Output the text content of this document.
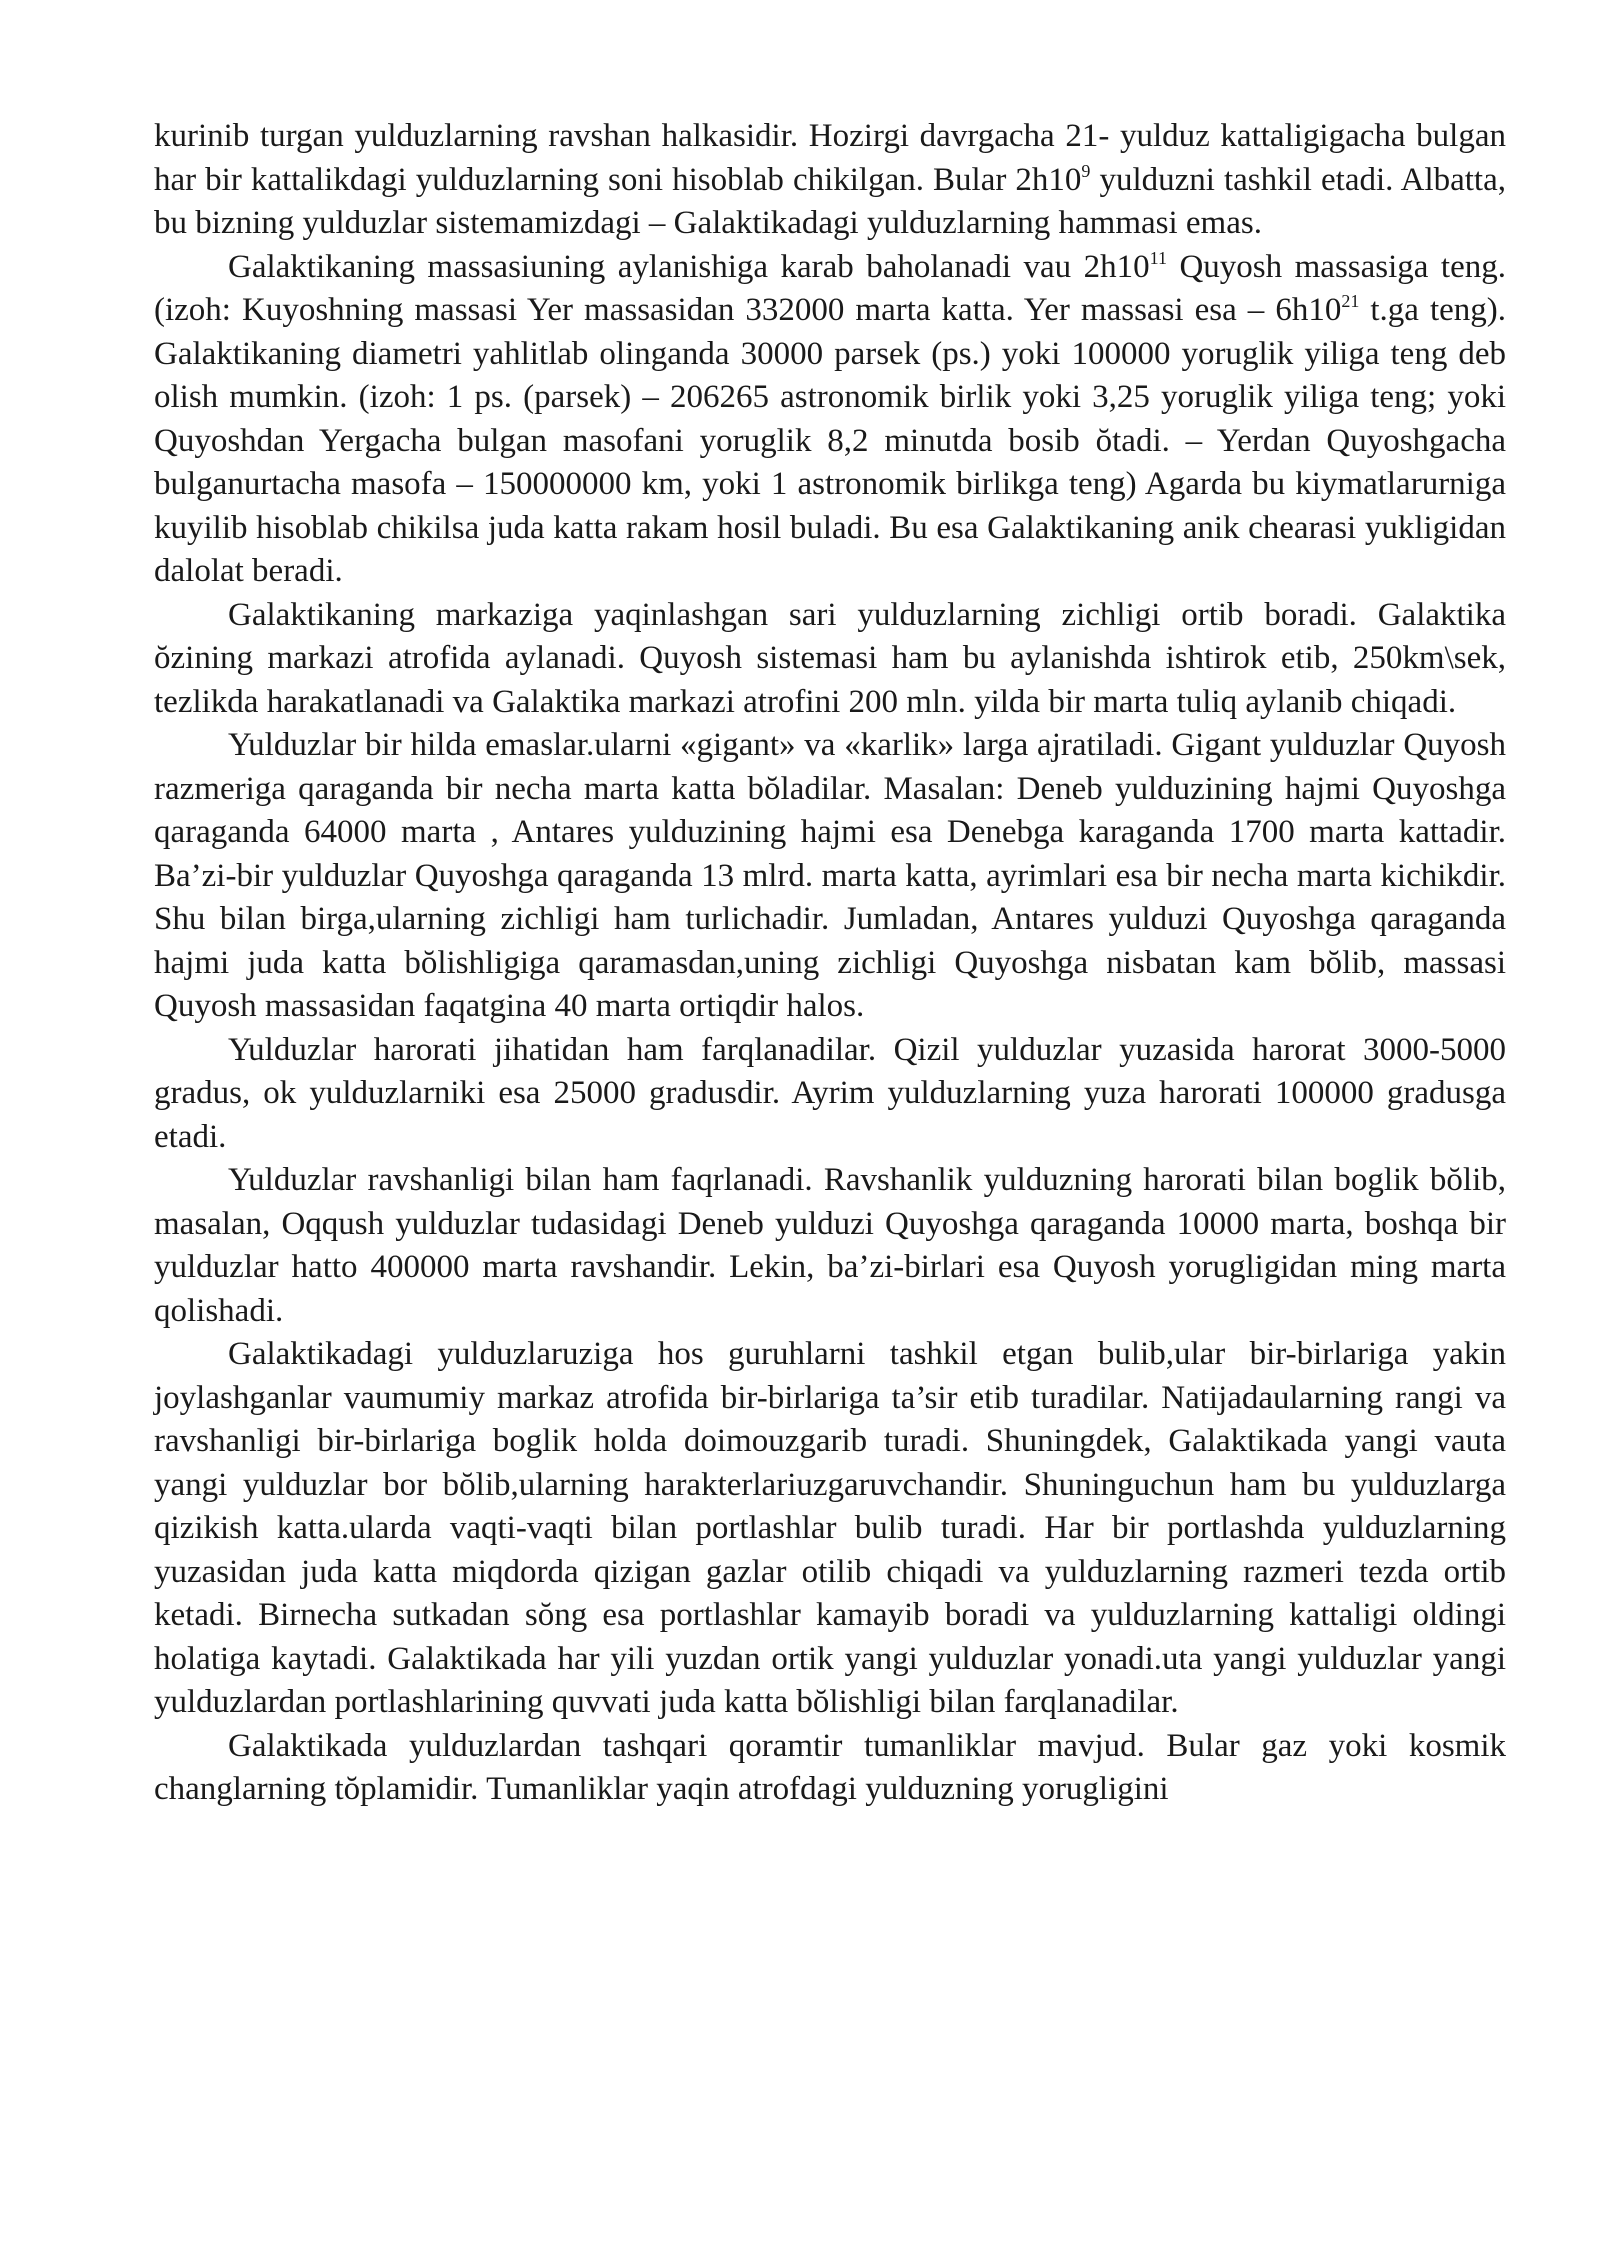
kurinib turgan yulduzlarning ravshan halkasidir. Hozirgi davrgacha 21- yulduz kattaligigacha bulgan har bir kattalikdagi yulduzlarning soni hisoblab chikilgan. Bular $2h10^9$ yulduzni tashkil etadi. Albatta, bu bizning yulduzlar sistemamizdagi – Galaktikadagi yulduzlarning hammasi emas.

Galaktikaning massasiuning aylanishiga karab baholanadi vau $2h10^{11}$ Quyosh massasiga teng. (izoh: Kuyoshning massasi Yer massasidan 332000 marta katta. Yer massasi esa – $6h10^{21}$ t.ga teng). Galaktikaning diametri yahlitlab olinganda 30000 parsek (ps.) yoki 100000 yoruglik yiliga teng deb olish mumkin. (izoh: 1 ps. (parsek) – 206265 astronomik birlik yoki 3,25 yoruglik yiliga teng; yoki Quyoshdan Yergacha bulgan masofani yoruglik 8,2 minutda bosib ŏtadi. – Yerdan Quyoshgacha bulganurtacha masofa – 150000000 km, yoki 1 astronomik birlikga teng) Agarda bu kiymatlarurniga kuyilib hisoblab chikilsa juda katta rakam hosil buladi. Bu esa Galaktikaning anik chearasi yukligidan dalolat beradi.

Galaktikaning markaziga yaqinlashgan sari yulduzlarning zichligi ortib boradi. Galaktika ŏzining markazi atrofida aylanadi. Quyosh sistemasi ham bu aylanishda ishtirok etib, 250km\sek, tezlikda harakatlanadi va Galaktika markazi atrofini 200 mln. yilda bir marta tuliq aylanib chiqadi.

Yulduzlar bir hilda emaslar.ularni «gigant» va «karlik» larga ajratiladi. Gigant yulduzlar Quyosh razmeriga qaraganda bir necha marta katta bŏladilar. Masalan: Deneb yulduzining hajmi Quyoshga qaraganda 64000 marta , Antares yulduzining hajmi esa Denebga karaganda 1700 marta kattadir. Ba’zi-bir yulduzlar Quyoshga qaraganda 13 mlrd. marta katta, ayrimlari esa bir necha marta kichikdir. Shu bilan birga,ularning zichligi ham turlichadir. Jumladan, Antares yulduzi Quyoshga qaraganda hajmi juda katta bŏlishligiga qaramasdan,uning zichligi Quyoshga nisbatan kam bŏlib, massasi Quyosh massasidan faqatgina 40 marta ortiqdir halos.

Yulduzlar harorati jihatidan ham farqlanadilar. Qizil yulduzlar yuzasida harorat 3000-5000 gradus, ok yulduzlarniki esa 25000 gradusdir. Ayrim yulduzlarning yuza harorati 100000 gradusga etadi.

Yulduzlar ravshanligi bilan ham faqrlanadi. Ravshanlik yulduzning harorati bilan boglik bŏlib, masalan, Oqqush yulduzlar tudasidagi Deneb yulduzi Quyoshga qaraganda 10000 marta, boshqa bir yulduzlar hatto 400000 marta ravshandir. Lekin, ba’zi-birlari esa Quyosh yorugligidan ming marta qolishadi.

Galaktikadagi yulduzlaruziga hos guruhlarni tashkil etgan bulib,ular bir-birlariga yakin joylashganlar vaumumiy markaz atrofida bir-birlariga ta’sir etib turadilar. Natijadaularning rangi va ravshanligi bir-birlariga boglik holda doimouzgarib turadi. Shuningdek, Galaktikada yangi vauta yangi yulduzlar bor bŏlib,ularning harakterlariuzgaruvchandir. Shuninguchun ham bu yulduzlarga qizikish katta.ularda vaqti-vaqti bilan portlashlar bulib turadi. Har bir portlashda yulduzlarning yuzasidan juda katta miqdorda qizigan gazlar otilib chiqadi va yulduzlarning razmeri tezda ortib ketadi. Birnecha sutkadan sŏng esa portlashlar kamayib boradi va yulduzlarning kattaligi oldingi holatiga kaytadi. Galaktikada har yili yuzdan ortik yangi yulduzlar yonadi.uta yangi yulduzlar yangi yulduzlardan portlashlarining quvvati juda katta bŏlishligi bilan farqlanadilar.

Galaktikada yulduzlardan tashqari qoramtir tumanliklar mavjud. Bular gaz yoki kosmik changlarning tŏplamidir. Tumanliklar yaqin atrofdagi yulduzning yorugligini
